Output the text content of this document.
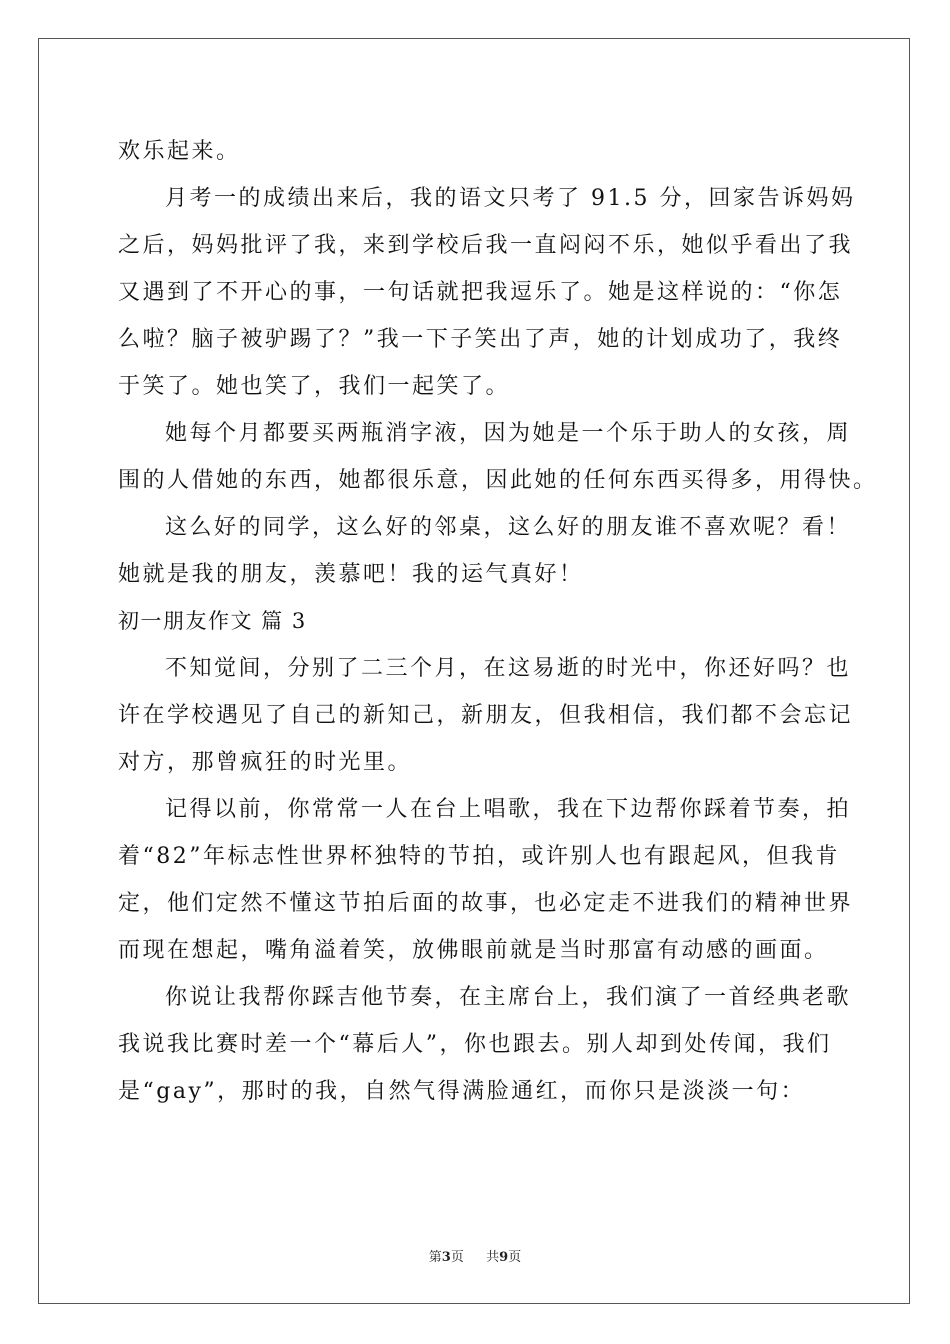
欢乐起来。
月考一的成绩出来后，我的语文只考了 91.5 分，回家告诉妈妈
之后，妈妈批评了我，来到学校后我一直闷闷不乐，她似乎看出了我
又遇到了不开心的事，一句话就把我逗乐了。她是这样说的：“你怎
么啦？脑子被驴踢了？”我一下子笑出了声，她的计划成功了，我终
于笑了。她也笑了，我们一起笑了。
她每个月都要买两瓶消字液，因为她是一个乐于助人的女孩，周
围的人借她的东西，她都很乐意，因此她的任何东西买得多，用得快。
这么好的同学，这么好的邻桌，这么好的朋友谁不喜欢呢？看！
她就是我的朋友，羡慕吧！我的运气真好！
初一朋友作文 篇 3
不知觉间，分别了二三个月，在这易逝的时光中，你还好吗？也
许在学校遇见了自己的新知己，新朋友，但我相信，我们都不会忘记
对方，那曾疯狂的时光里。
记得以前，你常常一人在台上唱歌，我在下边帮你踩着节奏，拍
着“82”年标志性世界杯独特的节拍，或许别人也有跟起风，但我肯
定，他们定然不懂这节拍后面的故事，也必定走不进我们的精神世界
而现在想起，嘴角溢着笑，放佛眼前就是当时那富有动感的画面。
你说让我帮你踩吉他节奏，在主席台上，我们演了一首经典老歌
我说我比赛时差一个“幕后人”，你也跟去。别人却到处传闻，我们
是“gay”，那时的我，自然气得满脸通红，而你只是淡淡一句：
第3页 共9页
